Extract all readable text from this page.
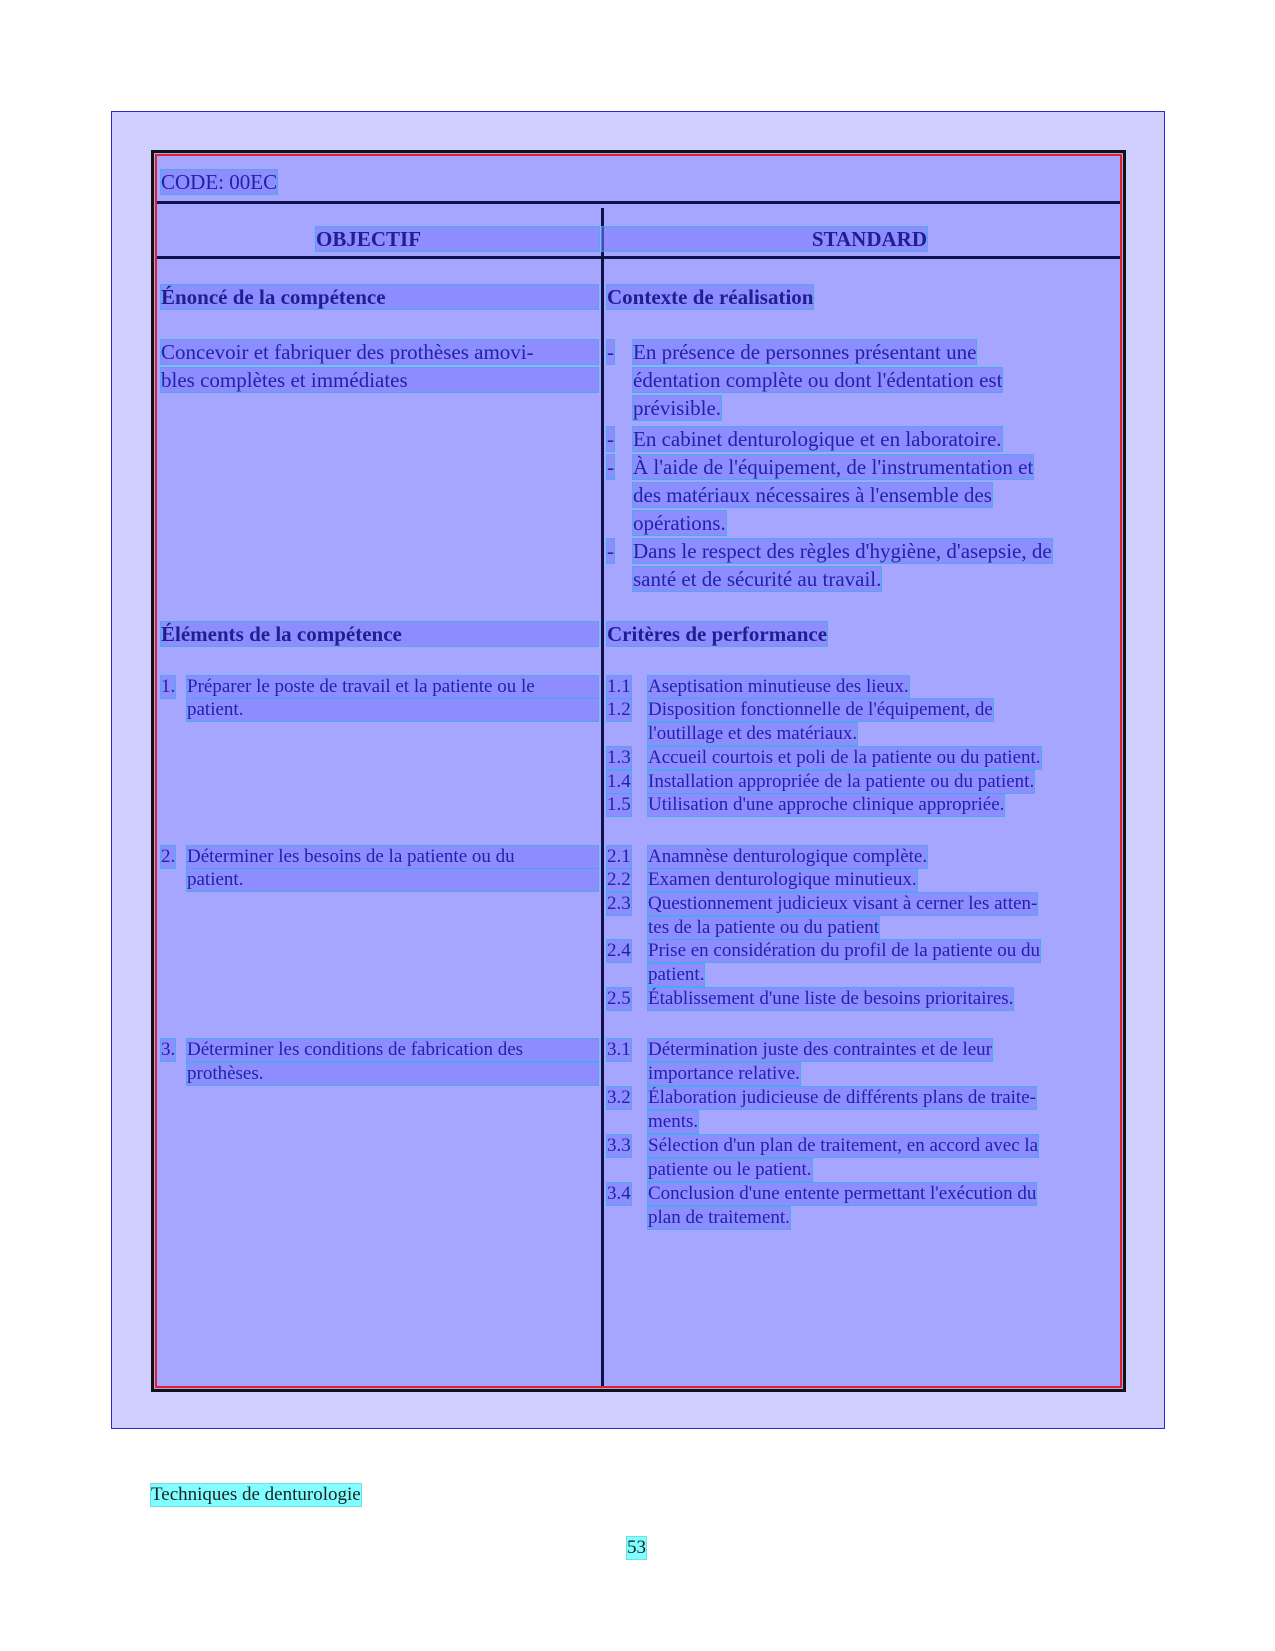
CODE: 00EC
OBJECTIF	STANDARD
Énoncé de la compétence
Concevoir et fabriquer des prothèses amovi-
bles complètes et immédiates
Contexte de réalisation
- En présence de personnes présentant une
édentation complète ou dont l'édentation est
prévisible.
- En cabinet denturologique et en laboratoire.
- À l'aide de l'équipement, de l'instrumentation et
des matériaux nécessaires à l'ensemble des
opérations.
- Dans le respect des règles d'hygiène, d'asepsie, de
santé et de sécurité au travail.
Éléments de la compétence	Critères de performance
1. Préparer le poste de travail et la patiente ou le
patient.
1.1 Aseptisation minutieuse des lieux.
1.2 Disposition fonctionnelle de l'équipement, de
l'outillage et des matériaux.
1.3 Accueil courtois et poli de la patiente ou du patient.
1.4 Installation appropriée de la patiente ou du patient.
1.5 Utilisation d'une approche clinique appropriée.
2. Déterminer les besoins de la patiente ou du
patient.
2.1 Anamnèse denturologique complète.
2.2 Examen denturologique minutieux.
2.3 Questionnement judicieux visant à cerner les atten-
tes de la patiente ou du patient
2.4 Prise en considération du profil de la patiente ou du
patient.
2.5 Établissement d'une liste de besoins prioritaires.
3. Déterminer les conditions de fabrication des
prothèses.
3.1 Détermination juste des contraintes et de leur
importance relative.
3.2 Élaboration judicieuse de différents plans de traite-
ments.
3.3 Sélection d'un plan de traitement, en accord avec la
patiente ou le patient.
3.4 Conclusion d'une entente permettant l'exécution du
plan de traitement.
Techniques de denturologie
53
